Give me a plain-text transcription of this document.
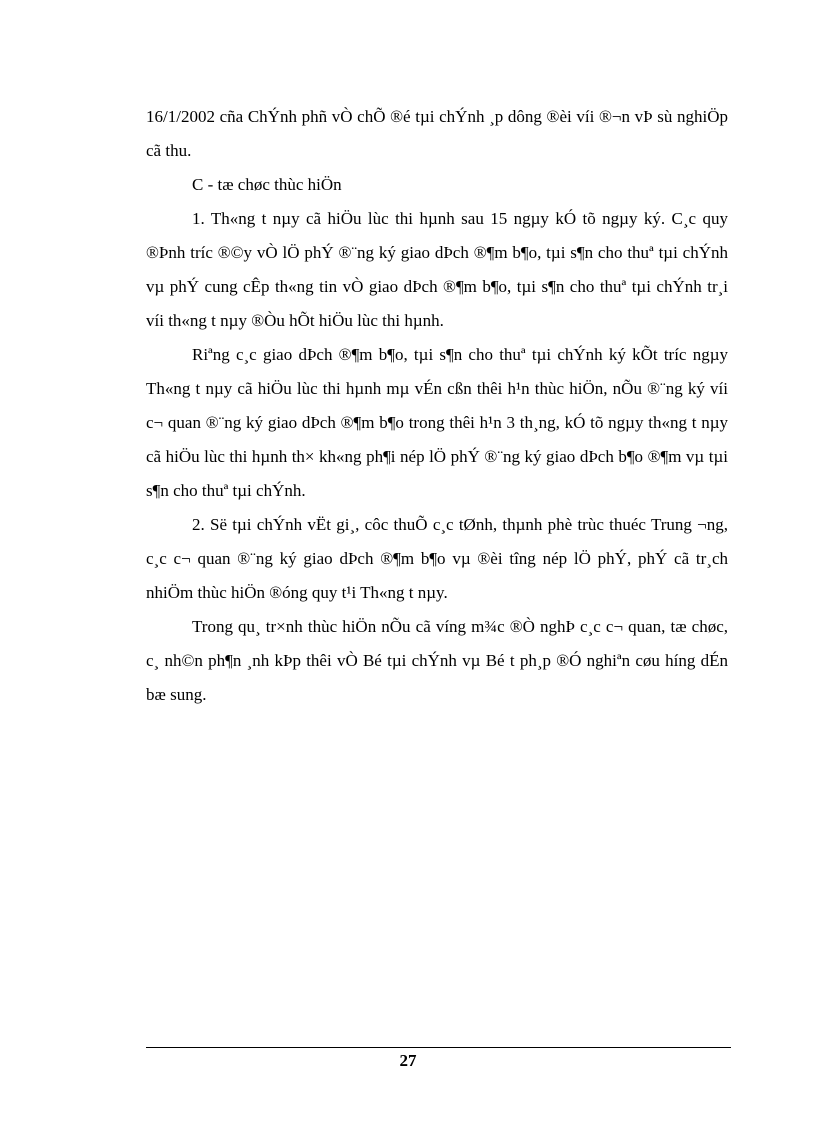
16/1/2002 cña ChÝnh phñ vÒ chÕ ®é tµi chÝnh ¸p dông ®èi víi ®¬n vÞ sù nghiÖp cã thu.

C - tæ chøc thùc hiÖn

1. Th«ng t nµy cã hiÖu lùc thi hµnh sau 15 ngµy kÓ tõ ngµy ký. C¸c quy ®Þnh tríc ®©y vÒ lÖ phÝ ®¨ng ký giao dÞch ®¶m b¶o, tµi s¶n cho thuª tµi chÝnh vµ phÝ cung cÊp th«ng tin vÒ giao dÞch ®¶m b¶o, tµi s¶n cho thuª tµi chÝnh tr¸i víi th«ng t nµy ®Òu hÕt hiÖu lùc thi hµnh.

Riªng c¸c giao dÞch ®¶m b¶o, tµi s¶n cho thuª tµi chÝnh ký kÕt tríc ngµy Th«ng t nµy cã hiÖu lùc thi hµnh mµ vÉn cßn thêi h¹n thùc hiÖn, nÕu ®¨ng ký víi c¬ quan ®¨ng ký giao dÞch ®¶m b¶o trong thêi h¹n 3 th¸ng, kÓ tõ ngµy th«ng t nµy cã hiÖu lùc thi hµnh th× kh«ng ph¶i nép lÖ phÝ ®¨ng ký giao dÞch b¶o ®¶m vµ tµi s¶n cho thuª tµi chÝnh.

2. Së tµi chÝnh vËt gi¸, côc thuÕ c¸c tØnh, thµnh phè trùc thuéc Trung ¬ng, c¸c c¬ quan ®¨ng ký giao dÞch ®¶m b¶o vµ ®èi tîng nép lÖ phÝ, phÝ cã tr¸ch nhiÖm thùc hiÖn ®óng quy t¹i Th«ng t nµy.

Trong qu¸ tr×nh thùc hiÖn nÕu cã víng m¾c ®Ò nghÞ c¸c c¬ quan, tæ chøc, c¸ nh©n ph¶n ¸nh kÞp thêi vÒ Bé tµi chÝnh vµ Bé t ph¸p ®Ó nghiªn cøu híng dÉn bæ sung.

27
